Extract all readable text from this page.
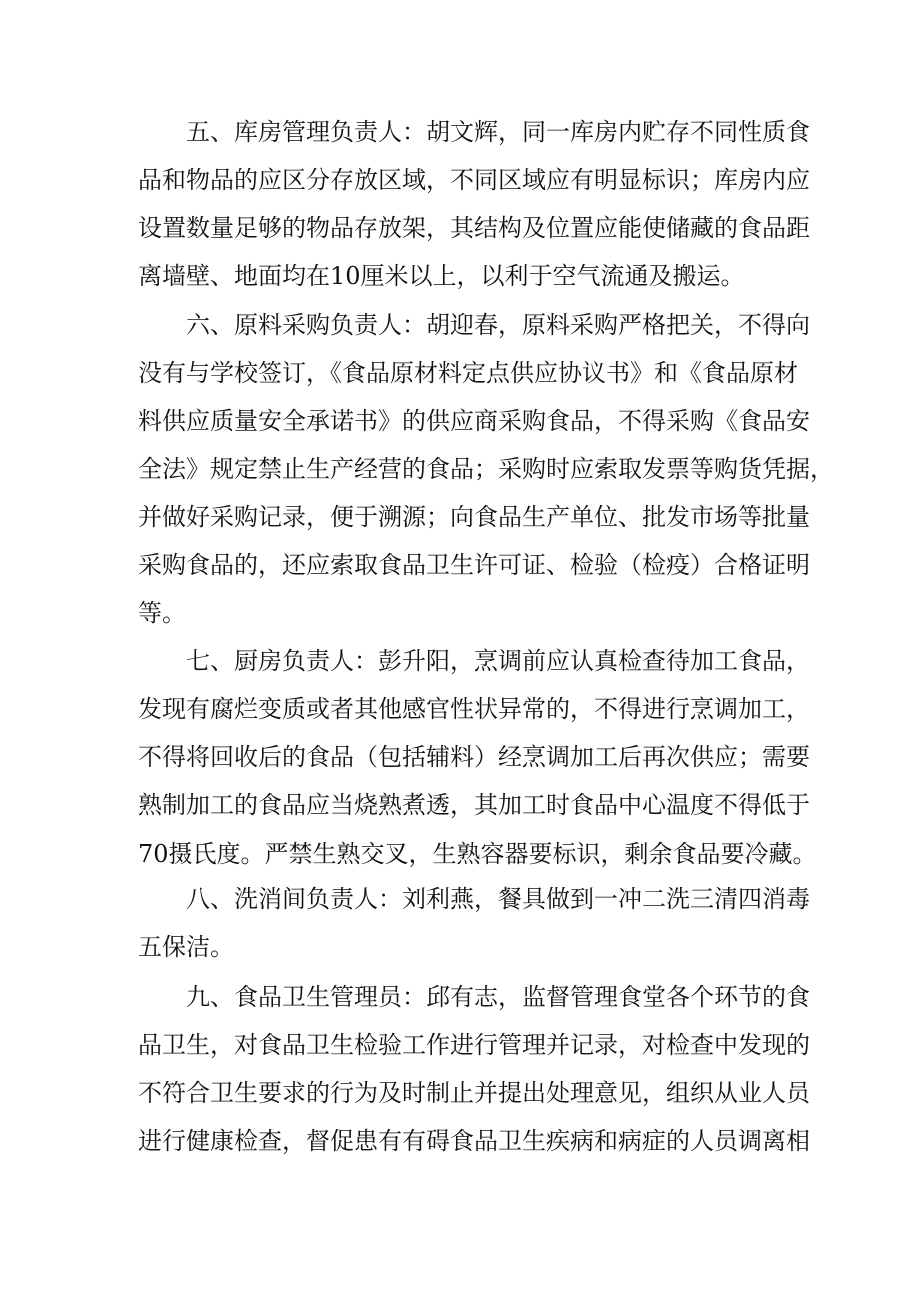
五、库房管理负责人：胡文辉，同一库房内贮存不同性质食
品和物品的应区分存放区域，不同区域应有明显标识；库房内应
设置数量足够的物品存放架，其结构及位置应能使储藏的食品距
离墙壁、地面均在10厘米以上，以利于空气流通及搬运。
六、原料采购负责人：胡迎春，原料采购严格把关，不得向
没有与学校签订，《食品原材料定点供应协议书》和《食品原材
料供应质量安全承诺书》的供应商采购食品，不得采购《食品安
全法》规定禁止生产经营的食品；采购时应索取发票等购货凭据，
并做好采购记录，便于溯源；向食品生产单位、批发市场等批量
采购食品的，还应索取食品卫生许可证、检验（检疫）合格证明
等。
七、厨房负责人：彭升阳，烹调前应认真检查待加工食品，
发现有腐烂变质或者其他感官性状异常的，不得进行烹调加工，
不得将回收后的食品（包括辅料）经烹调加工后再次供应；需要
熟制加工的食品应当烧熟煮透，其加工时食品中心温度不得低于
70摄氏度。严禁生熟交叉，生熟容器要标识，剩余食品要冷藏。
八、洗消间负责人：刘利燕，餐具做到一冲二洗三清四消毒
五保洁。
九、食品卫生管理员：邱有志，监督管理食堂各个环节的食
品卫生，对食品卫生检验工作进行管理并记录，对检查中发现的
不符合卫生要求的行为及时制止并提出处理意见，组织从业人员
进行健康检查，督促患有有碍食品卫生疾病和病症的人员调离相
